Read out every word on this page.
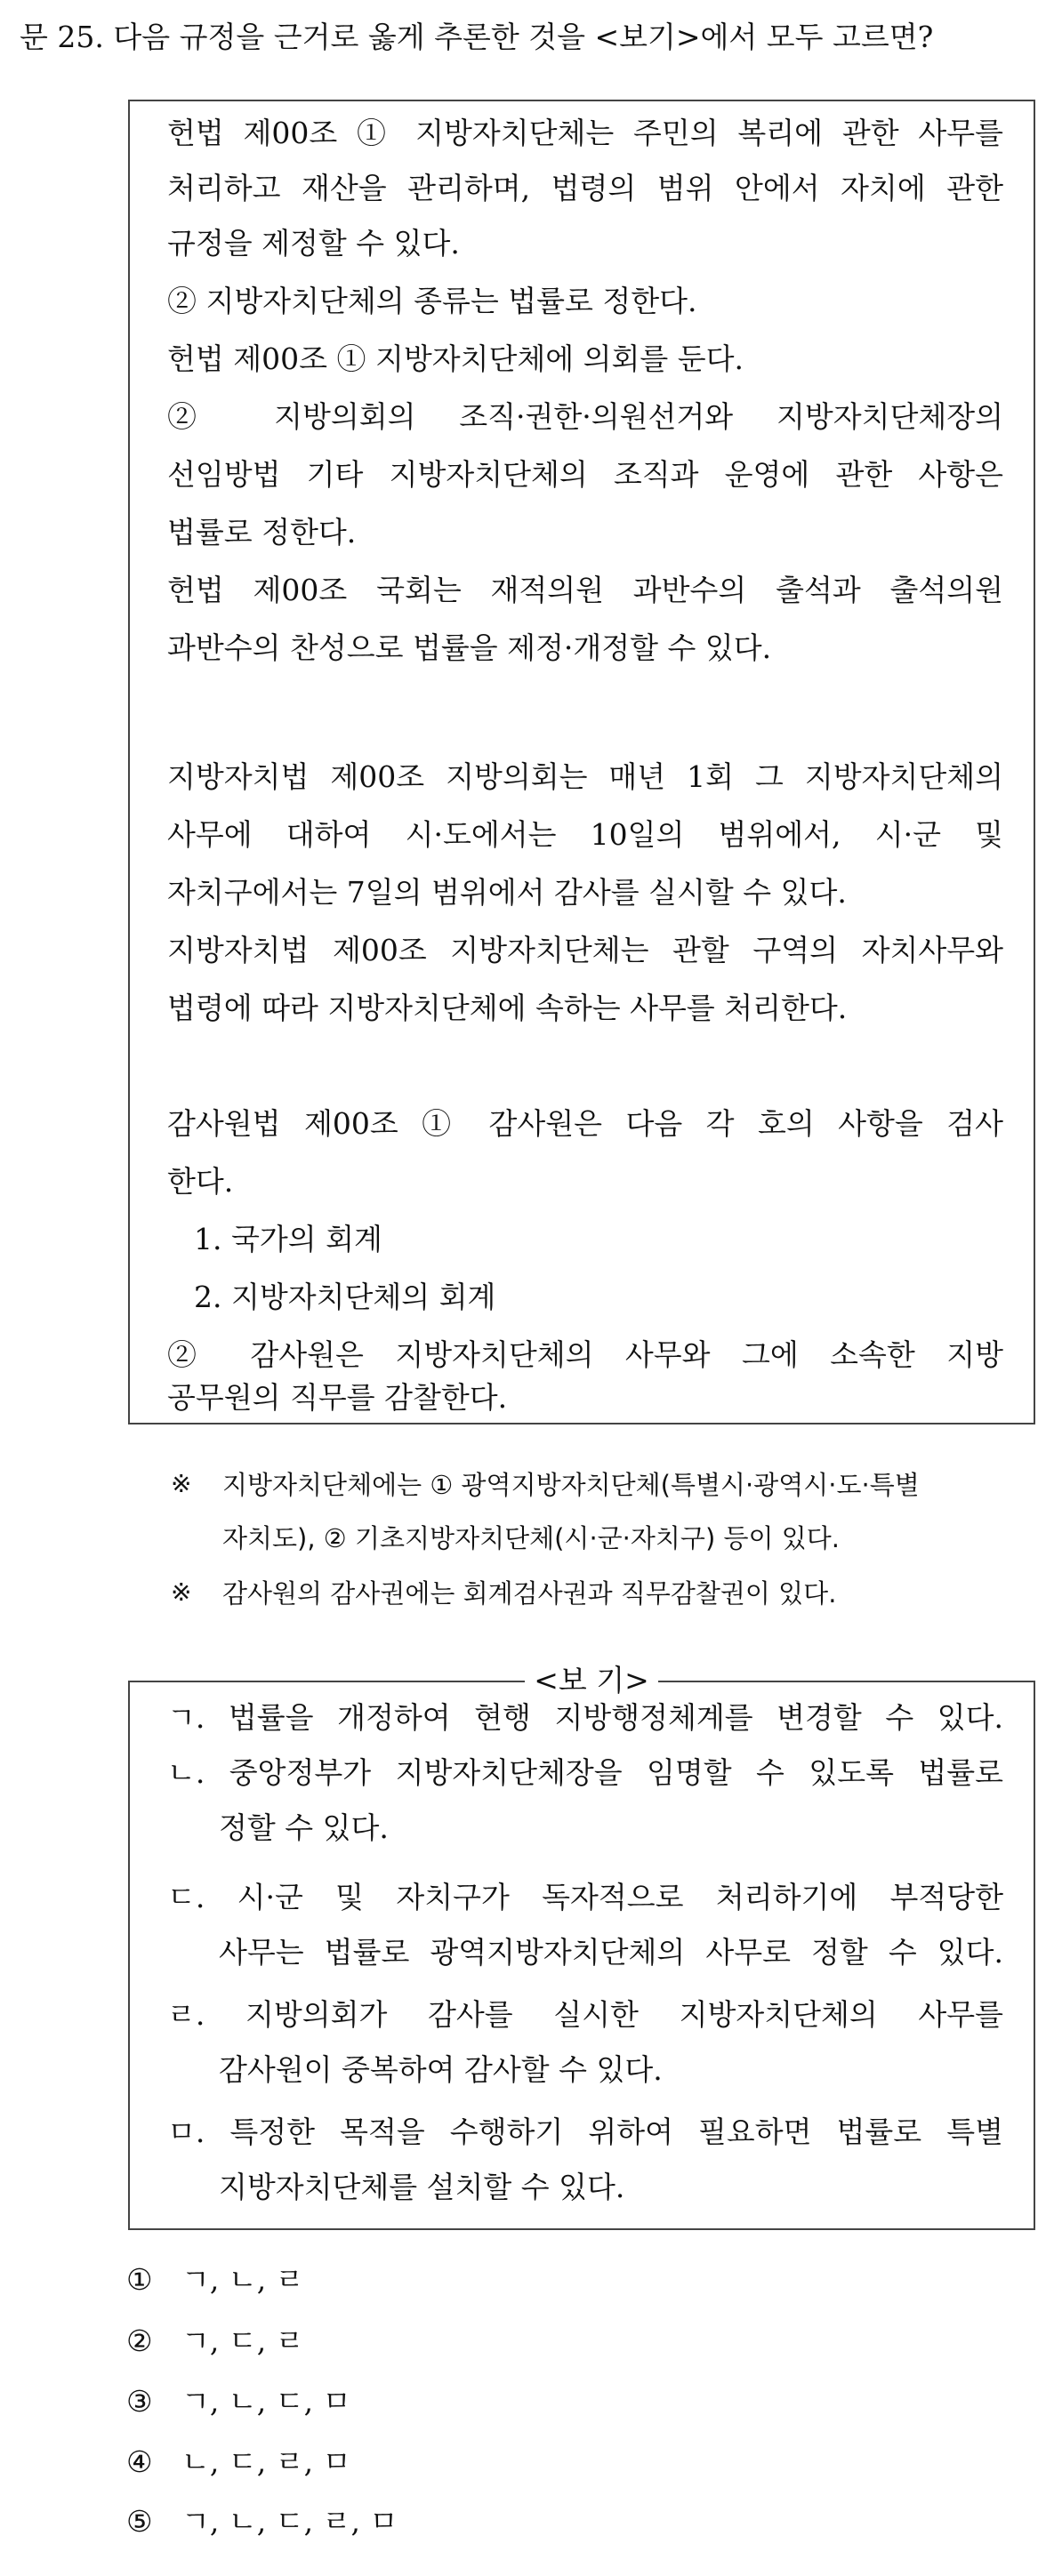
문 25. 다음 규정을 근거로 옳게 추론한 것을 <보기>에서 모두 고르면?
헌법 제00조 ① 지방자치단체는 주민의 복리에 관한 사무를
처리하고 재산을 관리하며, 법령의 범위 안에서 자치에 관한
규정을 제정할 수 있다.
② 지방자치단체의 종류는 법률로 정한다.
헌법 제00조 ① 지방자치단체에 의회를 둔다.
② 지방의회의 조직·권한·의원선거와 지방자치단체장의
선임방법 기타 지방자치단체의 조직과 운영에 관한 사항은
법률로 정한다.
헌법 제00조 국회는 재적의원 과반수의 출석과 출석의원
과반수의 찬성으로 법률을 제정·개정할 수 있다.
지방자치법 제00조 지방의회는 매년 1회 그 지방자치단체의
사무에 대하여 시·도에서는 10일의 범위에서, 시·군 및
자치구에서는 7일의 범위에서 감사를 실시할 수 있다.
지방자치법 제00조 지방자치단체는 관할 구역의 자치사무와
법령에 따라 지방자치단체에 속하는 사무를 처리한다.
감사원법 제00조 ① 감사원은 다음 각 호의 사항을 검사
한다.
1. 국가의 회계
2. 지방자치단체의 회계
② 감사원은 지방자치단체의 사무와 그에 소속한 지방
공무원의 직무를 감찰한다.
※ 지방자치단체에는 ① 광역지방자치단체(특별시·광역시·도·특별
자치도), ② 기초지방자치단체(시·군·자치구) 등이 있다.
※ 감사원의 감사권에는 회계검사권과 직무감찰권이 있다.
<보 기>
ㄱ. 법률을 개정하여 현행 지방행정체계를 변경할 수 있다.
ㄴ. 중앙정부가 지방자치단체장을 임명할 수 있도록 법률로
정할 수 있다.
ㄷ. 시·군 및 자치구가 독자적으로 처리하기에 부적당한
사무는 법률로 광역지방자치단체의 사무로 정할 수 있다.
ㄹ. 지방의회가 감사를 실시한 지방자치단체의 사무를
감사원이 중복하여 감사할 수 있다.
ㅁ. 특정한 목적을 수행하기 위하여 필요하면 법률로 특별
지방자치단체를 설치할 수 있다.
① ㄱ, ㄴ, ㄹ
② ㄱ, ㄷ, ㄹ
③ ㄱ, ㄴ, ㄷ, ㅁ
④ ㄴ, ㄷ, ㄹ, ㅁ
⑤ ㄱ, ㄴ, ㄷ, ㄹ, ㅁ
